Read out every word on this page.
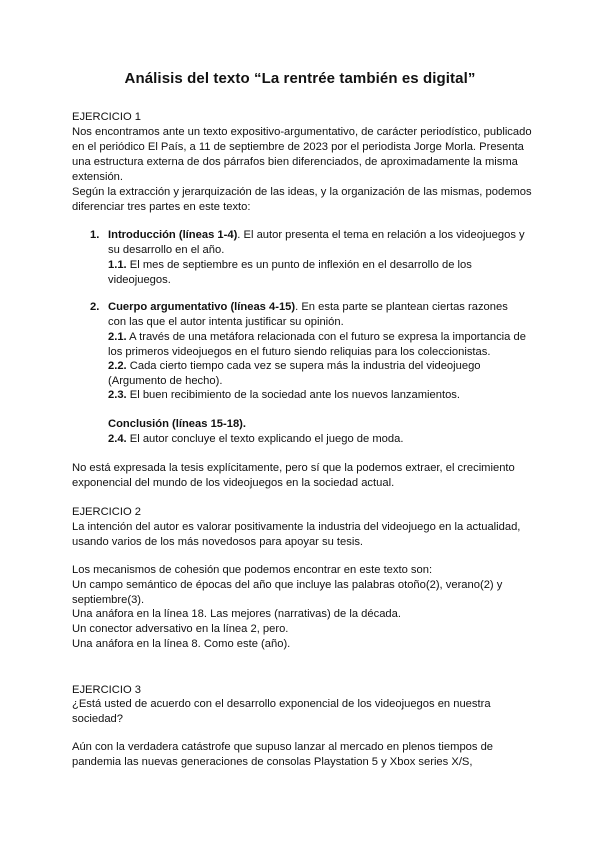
Análisis del texto “La rentrée también es digital”

EJERCICIO 1

Nos encontramos ante un texto expositivo-argumentativo, de carácter periodístico, publicado en el periódico El País, a 11 de septiembre de 2023 por el periodista Jorge Morla. Presenta una estructura externa de dos párrafos bien diferenciados, de aproximadamente la misma extensión.

Según la extracción y jerarquización de las ideas, y la organización de las mismas, podemos diferenciar tres partes en este texto:

1. Introducción (líneas 1-4). El autor presenta el tema en relación a los videojuegos y su desarrollo en el año.

1.1. El mes de septiembre es un punto de inflexión en el desarrollo de los videojuegos.

2. Cuerpo argumentativo (líneas 4-15). En esta parte se plantean ciertas razones con las que el autor intenta justificar su opinión.

2.1. A través de una metáfora relacionada con el futuro se expresa la importancia de los primeros videojuegos en el futuro siendo reliquias para los coleccionistas.

2.2. Cada cierto tiempo cada vez se supera más la industria del videojuego (Argumento de hecho).

2.3. El buen recibimiento de la sociedad ante los nuevos lanzamientos.

Conclusión (líneas 15-18).

2.4. El autor concluye el texto explicando el juego de moda.

No está expresada la tesis explícitamente, pero sí que la podemos extraer, el crecimiento exponencial del mundo de los videojuegos en la sociedad actual.

EJERCICIO 2

La intención del autor es valorar positivamente la industria del videojuego en la actualidad, usando varios de los más novedosos para apoyar su tesis.

Los mecanismos de cohesión que podemos encontrar en este texto son:

Un campo semántico de épocas del año que incluye las palabras otoño(2), verano(2) y septiembre(3).

Una anáfora en la línea 18. Las mejores (narrativas) de la década.

Un conector adversativo en la línea 2, pero.

Una anáfora en la línea 8. Como este (año).

EJERCICIO 3

¿Está usted de acuerdo con el desarrollo exponencial de los videojuegos en nuestra sociedad?

Aún con la verdadera catástrofe que supuso lanzar al mercado en plenos tiempos de pandemia las nuevas generaciones de consolas Playstation 5 y Xbox series X/S,
